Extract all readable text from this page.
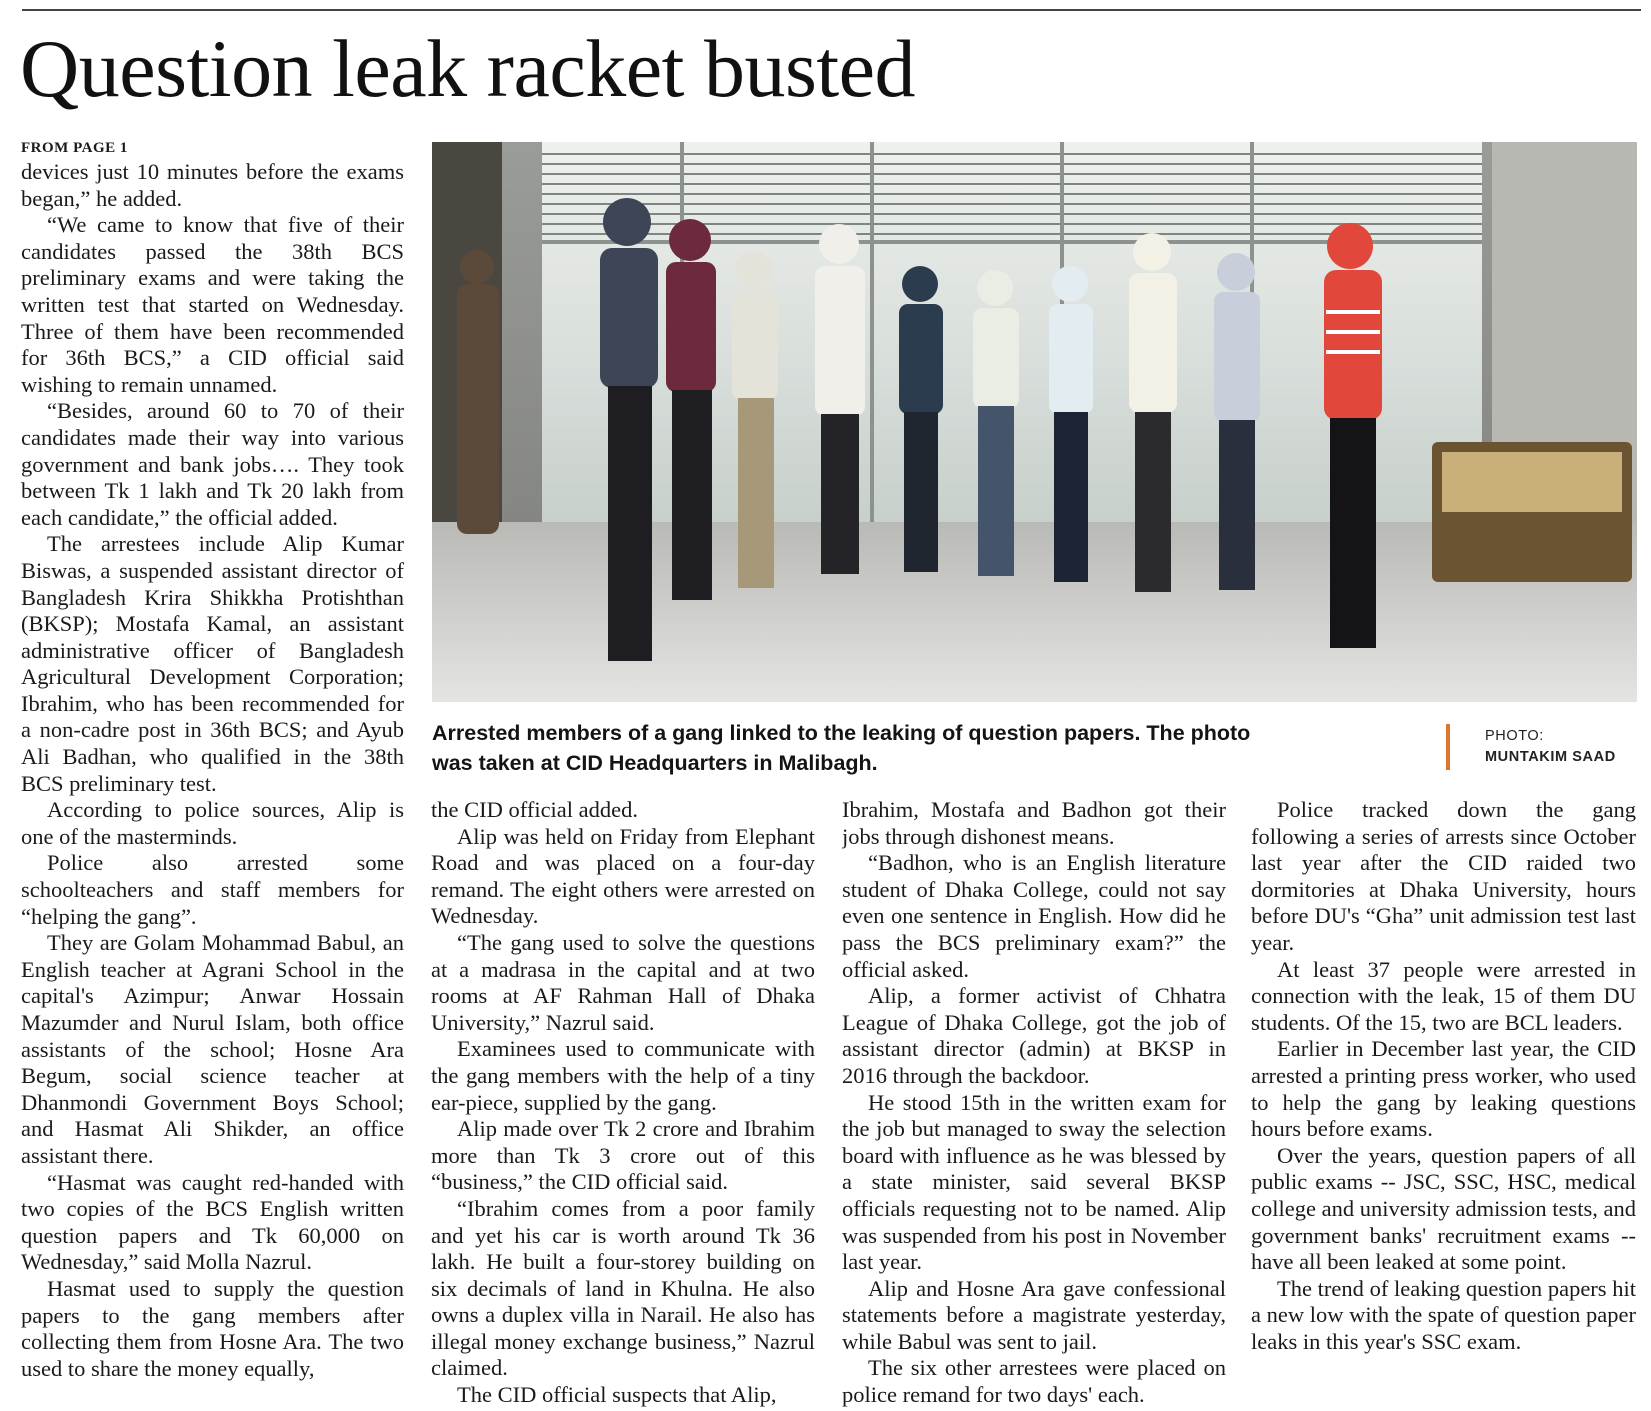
Question leak racket busted
FROM PAGE 1

devices just 10 minutes before the exams began,” he added.

“We came to know that five of their candidates passed the 38th BCS preliminary exams and were taking the written test that started on Wednesday. Three of them have been recommended for 36th BCS,” a CID official said wishing to remain unnamed.

“Besides, around 60 to 70 of their candidates made their way into various government and bank jobs…. They took between Tk 1 lakh and Tk 20 lakh from each candidate,” the official added.

The arrestees include Alip Kumar Biswas, a suspended assistant director of Bangladesh Krira Shikkha Protishthan (BKSP); Mostafa Kamal, an assistant administrative officer of Bangladesh Agricultural Development Corporation; Ibrahim, who has been recommended for a non-cadre post in 36th BCS; and Ayub Ali Badhan, who qualified in the 38th BCS preliminary test.

According to police sources, Alip is one of the masterminds.

Police also arrested some schoolteachers and staff members for “helping the gang”.

They are Golam Mohammad Babul, an English teacher at Agrani School in the capital's Azimpur; Anwar Hossain Mazumder and Nurul Islam, both office assistants of the school; Hosne Ara Begum, social science teacher at Dhanmondi Government Boys School; and Hasmat Ali Shikder, an office assistant there.

“Hasmat was caught red-handed with two copies of the BCS English written question papers and Tk 60,000 on Wednesday,” said Molla Nazrul.

Hasmat used to supply the question papers to the gang members after collecting them from Hosne Ara. The two used to share the money equally,

Arrested members of a gang linked to the leaking of question papers. The photo was taken at CID Headquarters in Malibagh.
PHOTO:
MUNTAKIM SAAD

the CID official added.

Alip was held on Friday from Elephant Road and was placed on a four-day remand. The eight others were arrested on Wednesday.

“The gang used to solve the questions at a madrasa in the capital and at two rooms at AF Rahman Hall of Dhaka University,” Nazrul said.

Examinees used to communicate with the gang members with the help of a tiny ear-piece, supplied by the gang.

Alip made over Tk 2 crore and Ibrahim more than Tk 3 crore out of this “business,” the CID official said.

“Ibrahim comes from a poor family and yet his car is worth around Tk 36 lakh. He built a four-storey building on six decimals of land in Khulna. He also owns a duplex villa in Narail. He also has illegal money exchange business,” Nazrul claimed.

The CID official suspects that Alip,

Ibrahim, Mostafa and Badhon got their jobs through dishonest means.

“Badhon, who is an English literature student of Dhaka College, could not say even one sentence in English. How did he pass the BCS preliminary exam?” the official asked.

Alip, a former activist of Chhatra League of Dhaka College, got the job of assistant director (admin) at BKSP in 2016 through the backdoor.

He stood 15th in the written exam for the job but managed to sway the selection board with influence as he was blessed by a state minister, said several BKSP officials requesting not to be named. Alip was suspended from his post in November last year.

Alip and Hosne Ara gave confessional statements before a magistrate yesterday, while Babul was sent to jail.

The six other arrestees were placed on police remand for two days' each.

Police tracked down the gang following a series of arrests since October last year after the CID raided two dormitories at Dhaka University, hours before DU's “Gha” unit admission test last year.

At least 37 people were arrested in connection with the leak, 15 of them DU students. Of the 15, two are BCL leaders.

Earlier in December last year, the CID arrested a printing press worker, who used to help the gang by leaking questions hours before exams.

Over the years, question papers of all public exams -- JSC, SSC, HSC, medical college and university admission tests, and government banks' recruitment exams -- have all been leaked at some point.

The trend of leaking question papers hit a new low with the spate of question paper leaks in this year's SSC exam.
